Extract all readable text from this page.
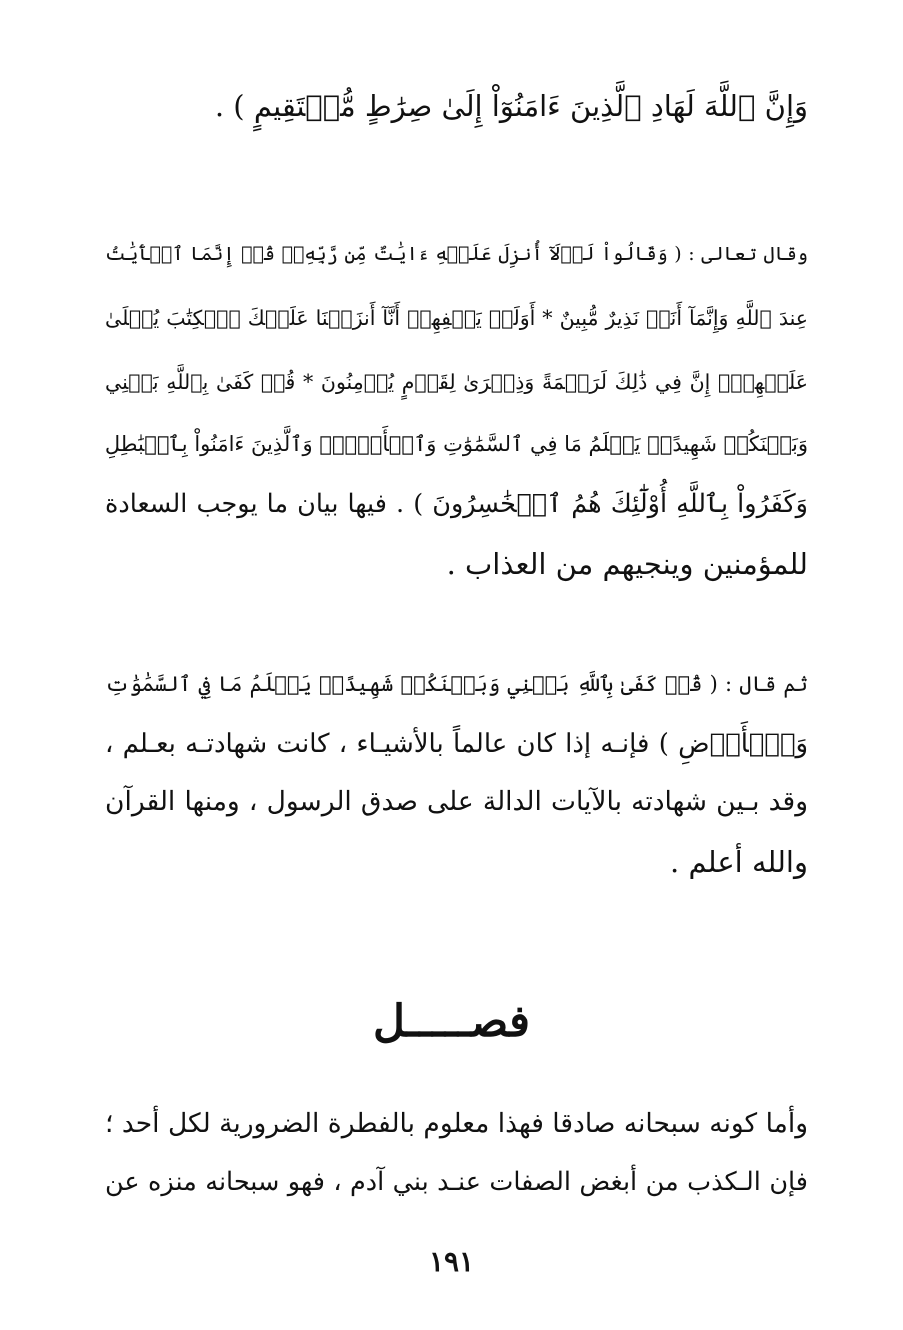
وَإِنَّ ٱللَّهَ لَهَادِ ٱلَّذِينَ ءَامَنُوٓاْ إِلَىٰ صِرَٰطٍ مُّسۡتَقِيمٍ ) .
وقال تعالى : ( وَقَالُواْ لَوۡلَآ أُنزِلَ عَلَيۡهِ ءَايَٰتٌ مِّن رَّبِّهِۦۖ قُلۡ إِنَّمَا ٱلۡأٓيَٰتُ
عِندَ ٱللَّهِ وَإِنَّمَآ أَنَا۠ نَذِيرٌ مُّبِينٌ * أَوَلَمۡ يَكۡفِهِمۡ أَنَّآ أَنزَلۡنَا عَلَيۡكَ ٱلۡكِتَٰبَ يُتۡلَىٰ
عَلَيۡهِمۡۚ إِنَّ فِي ذَٰلِكَ لَرَحۡمَةً وَذِكۡرَىٰ لِقَوۡمٍ يُؤۡمِنُونَ * قُلۡ كَفَىٰ بِٱللَّهِ بَيۡنِي
وَبَيۡنَكُمۡ شَهِيدًاۖ يَعۡلَمُ مَا فِي ٱلسَّمَٰوَٰتِ وَٱلۡأَرۡضِۗ وَٱلَّذِينَ ءَامَنُواْ بِٱلۡبَٰطِلِ
وَكَفَرُواْ بِٱللَّهِ أُوْلَٰٓئِكَ هُمُ ٱلۡخَٰسِرُونَ ) . فيها بيان ما يوجب السعادة
للمؤمنين وينجيهم من العذاب .
ثم قال : ( قُلۡ كَفَىٰ بِٱللَّهِ بَيۡنِي وَبَيۡنَكُمۡ شَهِيدًاۖ يَعۡلَمُ مَا فِي ٱلسَّمَٰوَٰتِ
وَٱلۡأَرۡضِ ) فإنـه إذا كان عالماً بالأشيـاء ، كانت شهادتـه بعـلم ،
وقد بـين شهادته بالآيات الدالة على صدق الرسول ، ومنها القرآن
والله أعلم .
فصـــــل
وأما كونه سبحانه صادقا فهذا معلوم بالفطرة الضرورية لكل أحد ؛
فإن الـكذب من أبغض الصفات عنـد بني آدم ، فهو سبحانه منزه عن
١٩١
